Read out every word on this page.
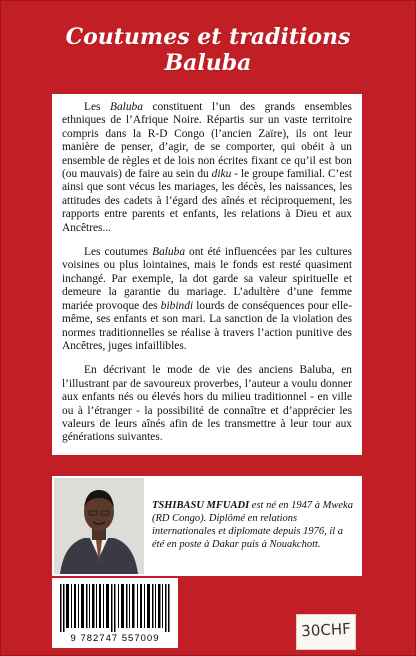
Coutumes et traditions
Baluba

Les Baluba constituent l’un des grands ensembles ethniques de l’Afrique Noire. Répartis sur un vaste territoire compris dans la R-D Congo (l’ancien Zaïre), ils ont leur manière de penser, d’agir, de se comporter, qui obéit à un ensemble de règles et de lois non écrites fixant ce qu’il est bon (ou mauvais) de faire au sein du diku - le groupe familial. C’est ainsi que sont vécus les mariages, les décès, les naissances, les attitudes des cadets à l’égard des aînés et réciproquement, les rapports entre parents et enfants, les relations à Dieu et aux Ancêtres...

Les coutumes Baluba ont été influencées par les cultures voisines ou plus lointaines, mais le fonds est resté quasiment inchangé. Par exemple, la dot garde sa valeur spirituelle et demeure la garantie du mariage. L’adultère d’une femme mariée provoque des bibindi lourds de conséquences pour elle-même, ses enfants et son mari. La sanction de la violation des normes traditionnelles se réalise à travers l’action punitive des Ancêtres, juges infaillibles.

En décrivant le mode de vie des anciens Baluba, en l’illustrant par de savoureux proverbes, l’auteur a voulu donner aux enfants nés ou élevés hors du milieu traditionnel - en ville ou à l’étranger - la possibilité de connaître et d’apprécier les valeurs de leurs aînés afin de les transmettre à leur tour aux générations suivantes.

TSHIBASU MFUADI est né en 1947 à Mweka (RD Congo). Diplômé en relations internationales et diplomate depuis 1976, il a été en poste à Dakar puis à Nouakchott.
9 782747 557009	30CHF
